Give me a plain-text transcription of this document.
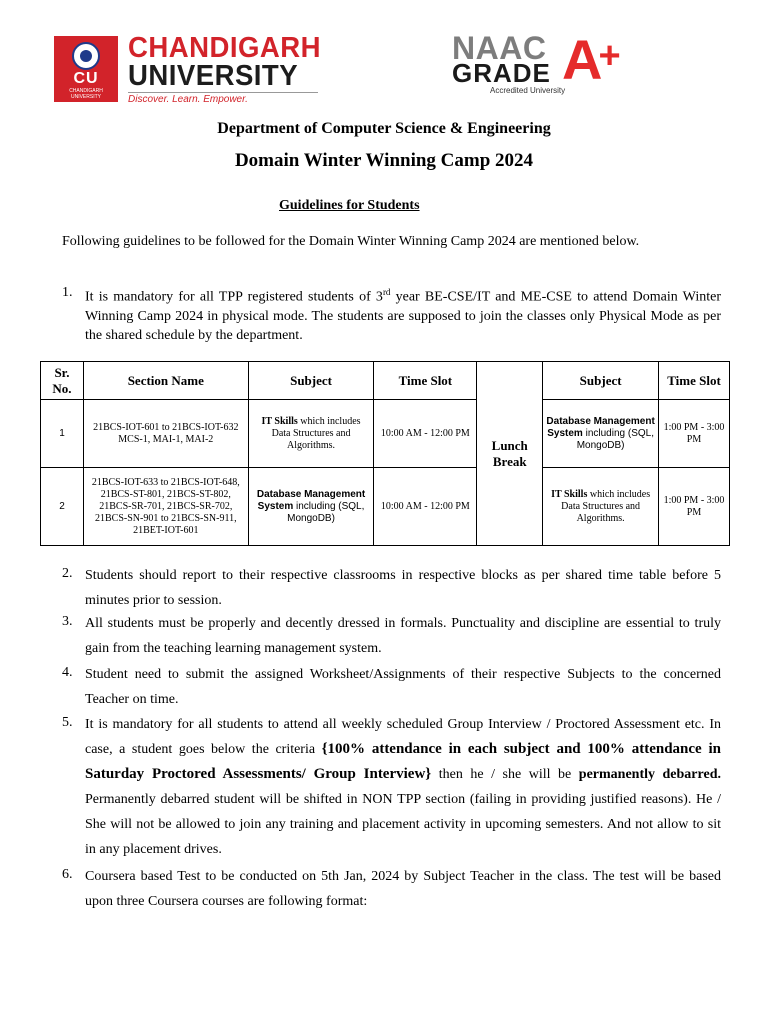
CU
CHANDIGARH UNIVERSITY
CHANDIGARH
UNIVERSITY
Discover. Learn. Empower.
NAAC
GRADE A+
Accredited University
Department of Computer Science & Engineering
Domain Winter Winning Camp 2024
Guidelines for Students
Following guidelines to be followed for the Domain Winter Winning Camp 2024 are mentioned below.
1. It is mandatory for all TPP registered students of 3rd year BE-CSE/IT and ME-CSE to attend Domain Winter Winning Camp 2024 in physical mode. The students are supposed to join the classes only Physical Mode as per the shared schedule by the department.
Sr. No.	Section Name	Subject	Time Slot	Lunch Break	Subject	Time Slot
1	21BCS-IOT-601 to 21BCS-IOT-632 MCS-1, MAI-1, MAI-2	IT Skills which includes Data Structures and Algorithms.	10:00 AM - 12:00 PM		Database Management System including (SQL, MongoDB)	1:00 PM - 3:00 PM
2	21BCS-IOT-633 to 21BCS-IOT-648, 21BCS-ST-801, 21BCS-ST-802, 21BCS-SR-701, 21BCS-SR-702, 21BCS-SN-901 to 21BCS-SN-911, 21BET-IOT-601	Database Management System including (SQL, MongoDB)	10:00 AM - 12:00 PM		IT Skills which includes Data Structures and Algorithms.	1:00 PM - 3:00 PM
2. Students should report to their respective classrooms in respective blocks as per shared time table before 5 minutes prior to session.
3. All students must be properly and decently dressed in formals. Punctuality and discipline are essential to truly gain from the teaching learning management system.
4. Student need to submit the assigned Worksheet/Assignments of their respective Subjects to the concerned Teacher on time.
5. It is mandatory for all students to attend all weekly scheduled Group Interview / Proctored Assessment etc. In case, a student goes below the criteria {100% attendance in each subject and 100% attendance in Saturday Proctored Assessments/ Group Interview} then he / she will be permanently debarred. Permanently debarred student will be shifted in NON TPP section (failing in providing justified reasons). He / She will not be allowed to join any training and placement activity in upcoming semesters. And not allow to sit in any placement drives.
6. Coursera based Test to be conducted on 5th Jan, 2024 by Subject Teacher in the class. The test will be based upon three Coursera courses are following format:
